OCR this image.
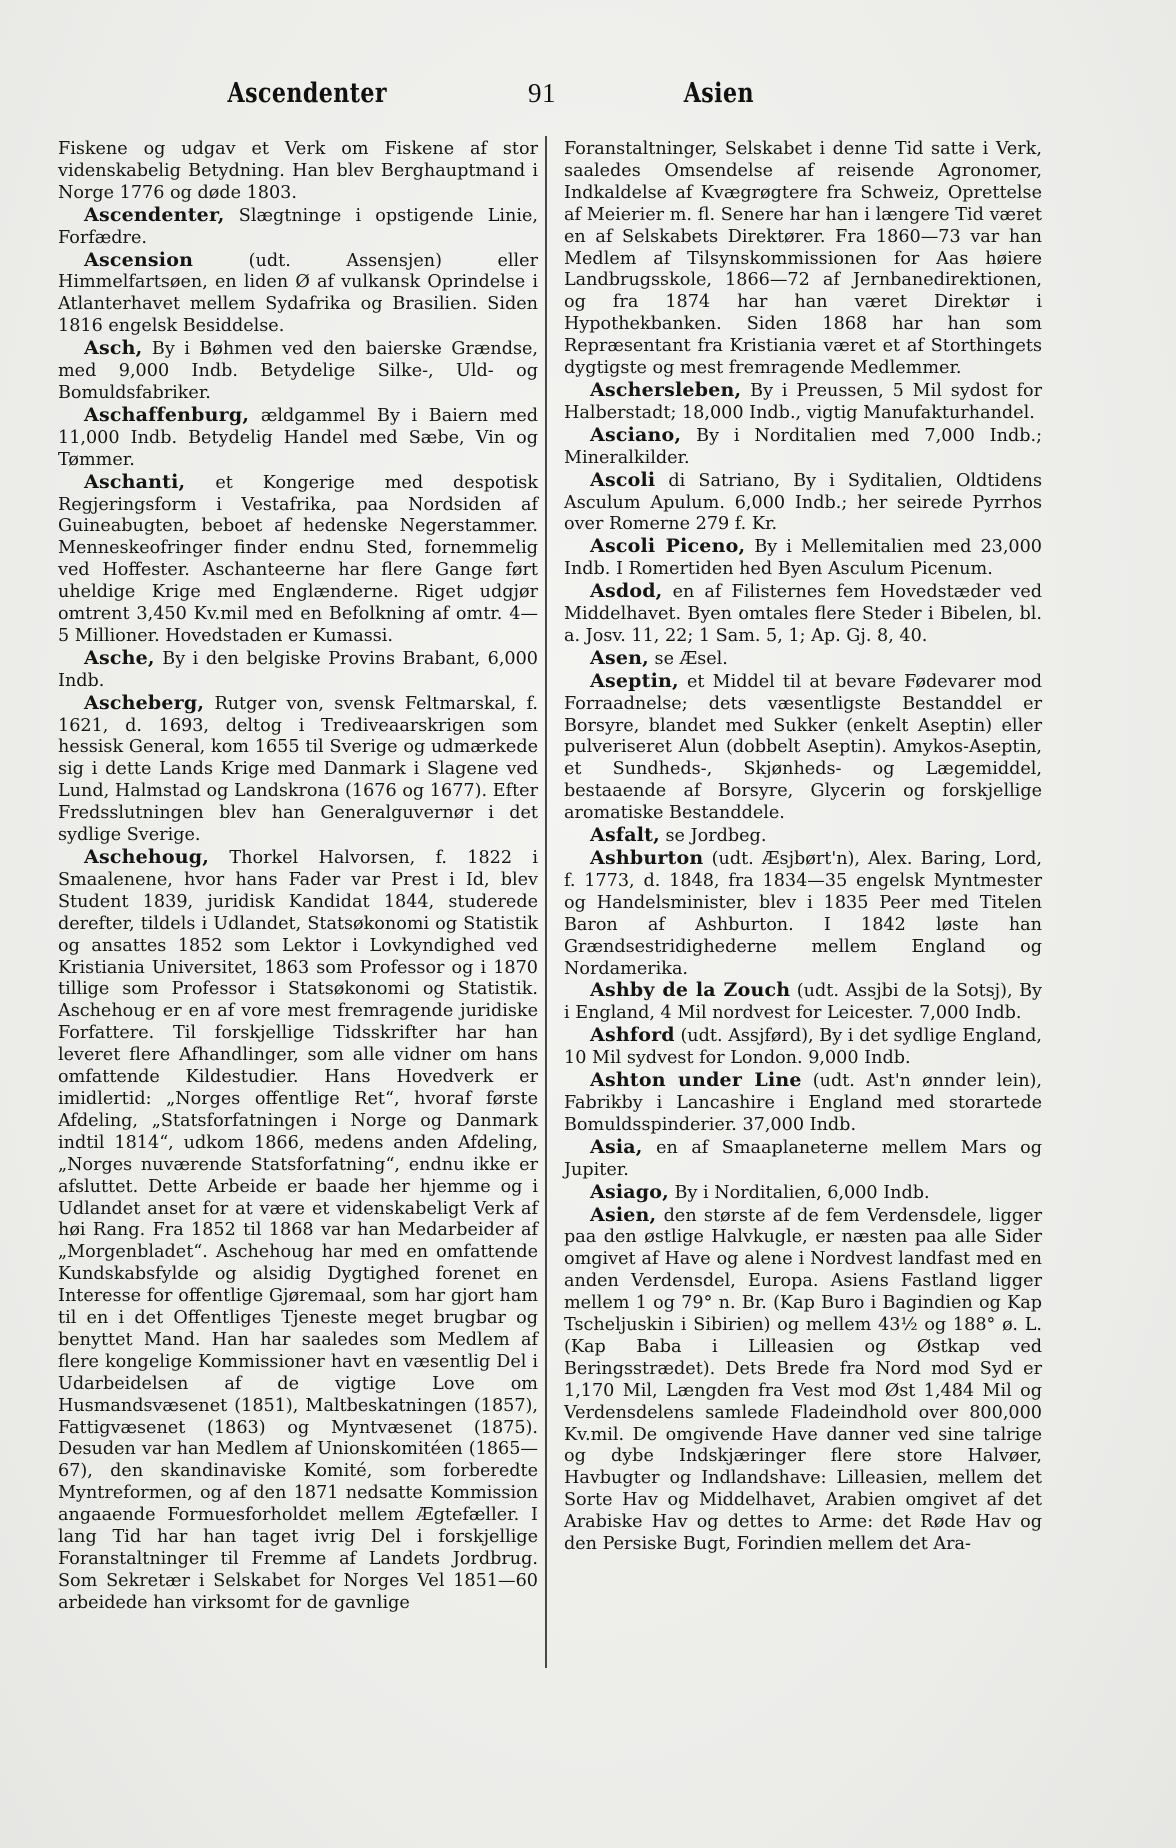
Ascendenter	91	Asien

Fiskene og udgav et Verk om Fiskene af stor videnskabelig Betydning. Han blev Berghauptmand i Norge 1776 og døde 1803.

Ascendenter, Slægtninge i opstigende Linie, Forfædre.

Ascension (udt. Assensjen) eller Himmelfartsøen, en liden Ø af vulkansk Oprindelse i Atlanterhavet mellem Sydafrika og Brasilien. Siden 1816 engelsk Besiddelse.

Asch, By i Bøhmen ved den baierske Grændse, med 9,000 Indb. Betydelige Silke-, Uld- og Bomuldsfabriker.

Aschaffenburg, ældgammel By i Baiern med 11,000 Indb. Betydelig Handel med Sæbe, Vin og Tømmer.

Aschanti, et Kongerige med despotisk Regjeringsform i Vestafrika, paa Nordsiden af Guineabugten, beboet af hedenske Negerstammer. Menneskeofringer finder endnu Sted, fornemmelig ved Hoffester. Aschanteerne har flere Gange ført uheldige Krige med Englænderne. Riget udgjør omtrent 3,450 Kv.mil med en Befolkning af omtr. 4—5 Millioner. Hovedstaden er Kumassi.

Asche, By i den belgiske Provins Brabant, 6,000 Indb.

Ascheberg, Rutger von, svensk Feltmarskal, f. 1621, d. 1693, deltog i Trediveaarskrigen som hessisk General, kom 1655 til Sverige og udmærkede sig i dette Lands Krige med Danmark i Slagene ved Lund, Halmstad og Landskrona (1676 og 1677). Efter Fredsslutningen blev han Generalguvernør i det sydlige Sverige.

Aschehoug, Thorkel Halvorsen, f. 1822 i Smaalenene, hvor hans Fader var Prest i Id, blev Student 1839, juridisk Kandidat 1844, studerede derefter, tildels i Udlandet, Statsøkonomi og Statistik og ansattes 1852 som Lektor i Lovkyndighed ved Kristiania Universitet, 1863 som Professor og i 1870 tillige som Professor i Statsøkonomi og Statistik. Aschehoug er en af vore mest fremragende juridiske Forfattere. Til forskjellige Tidsskrifter har han leveret flere Afhandlinger, som alle vidner om hans omfattende Kildestudier. Hans Hovedverk er imidlertid: „Norges offentlige Ret“, hvoraf første Afdeling, „Statsforfatningen i Norge og Danmark indtil 1814“, udkom 1866, medens anden Afdeling, „Norges nuværende Statsforfatning“, endnu ikke er afsluttet. Dette Arbeide er baade her hjemme og i Udlandet anset for at være et videnskabeligt Verk af høi Rang. Fra 1852 til 1868 var han Medarbeider af „Morgenbladet“. Aschehoug har med en omfattende Kundskabsfylde og alsidig Dygtighed forenet en Interesse for offentlige Gjøremaal, som har gjort ham til en i det Offentliges Tjeneste meget brugbar og benyttet Mand. Han har saaledes som Medlem af flere kongelige Kommissioner havt en væsentlig Del i Udarbeidelsen af de vigtige Love om Husmandsvæsenet (1851), Maltbeskatningen (1857), Fattigvæsenet (1863) og Myntvæsenet (1875). Desuden var han Medlem af Unionskomitéen (1865—67), den skandinaviske Komité, som forberedte Myntreformen, og af den 1871 nedsatte Kommission angaaende Formuesforholdet mellem Ægtefæller. I lang Tid har han taget ivrig Del i forskjellige Foranstaltninger til Fremme af Landets Jordbrug. Som Sekretær i Selskabet for Norges Vel 1851—60 arbeidede han virksomt for de gavnlige

Foranstaltninger, Selskabet i denne Tid satte i Verk, saaledes Omsendelse af reisende Agronomer, Indkaldelse af Kvægrøgtere fra Schweiz, Oprettelse af Meierier m. fl. Senere har han i længere Tid været en af Selskabets Direktører. Fra 1860—73 var han Medlem af Tilsynskommissionen for Aas høiere Landbrugsskole, 1866—72 af Jernbanedirektionen, og fra 1874 har han været Direktør i Hypothekbanken. Siden 1868 har han som Repræsentant fra Kristiania været et af Storthingets dygtigste og mest fremragende Medlemmer.

Aschersleben, By i Preussen, 5 Mil sydost for Halberstadt; 18,000 Indb., vigtig Manufakturhandel.

Asciano, By i Norditalien med 7,000 Indb.; Mineralkilder.

Ascoli di Satriano, By i Syditalien, Oldtidens Asculum Apulum. 6,000 Indb.; her seirede Pyrrhos over Romerne 279 f. Kr.

Ascoli Piceno, By i Mellemitalien med 23,000 Indb. I Romertiden hed Byen Asculum Picenum.

Asdod, en af Filisternes fem Hovedstæder ved Middelhavet. Byen omtales flere Steder i Bibelen, bl. a. Josv. 11, 22; 1 Sam. 5, 1; Ap. Gj. 8, 40.

Asen, se Æsel.

Aseptin, et Middel til at bevare Fødevarer mod Forraadnelse; dets væsentligste Bestanddel er Borsyre, blandet med Sukker (enkelt Aseptin) eller pulveriseret Alun (dobbelt Aseptin). Amykos-Aseptin, et Sundheds-, Skjønheds- og Lægemiddel, bestaaende af Borsyre, Glycerin og forskjellige aromatiske Bestanddele.

Asfalt, se Jordbeg.

Ashburton (udt. Æsjbørt'n), Alex. Baring, Lord, f. 1773, d. 1848, fra 1834—35 engelsk Myntmester og Handelsminister, blev i 1835 Peer med Titelen Baron af Ashburton. I 1842 løste han Grændsestridighederne mellem England og Nordamerika.

Ashby de la Zouch (udt. Assjbi de la Sotsj), By i England, 4 Mil nordvest for Leicester. 7,000 Indb.

Ashford (udt. Assjførd), By i det sydlige England, 10 Mil sydvest for London. 9,000 Indb.

Ashton under Line (udt. Ast'n ønnder lein), Fabrikby i Lancashire i England med storartede Bomuldsspinderier. 37,000 Indb.

Asia, en af Smaaplaneterne mellem Mars og Jupiter.

Asiago, By i Norditalien, 6,000 Indb.

Asien, den største af de fem Verdensdele, ligger paa den østlige Halvkugle, er næsten paa alle Sider omgivet af Have og alene i Nordvest landfast med en anden Verdensdel, Europa. Asiens Fastland ligger mellem 1 og 79° n. Br. (Kap Buro i Bagindien og Kap Tscheljuskin i Sibirien) og mellem 43½ og 188° ø. L. (Kap Baba i Lilleasien og Østkap ved Beringsstrædet). Dets Brede fra Nord mod Syd er 1,170 Mil, Længden fra Vest mod Øst 1,484 Mil og Verdensdelens samlede Fladeindhold over 800,000 Kv.mil. De omgivende Have danner ved sine talrige og dybe Indskjæringer flere store Halvøer, Havbugter og Indlandshave: Lilleasien, mellem det Sorte Hav og Middelhavet, Arabien omgivet af det Arabiske Hav og dettes to Arme: det Røde Hav og den Persiske Bugt, Forindien mellem det Ara-
